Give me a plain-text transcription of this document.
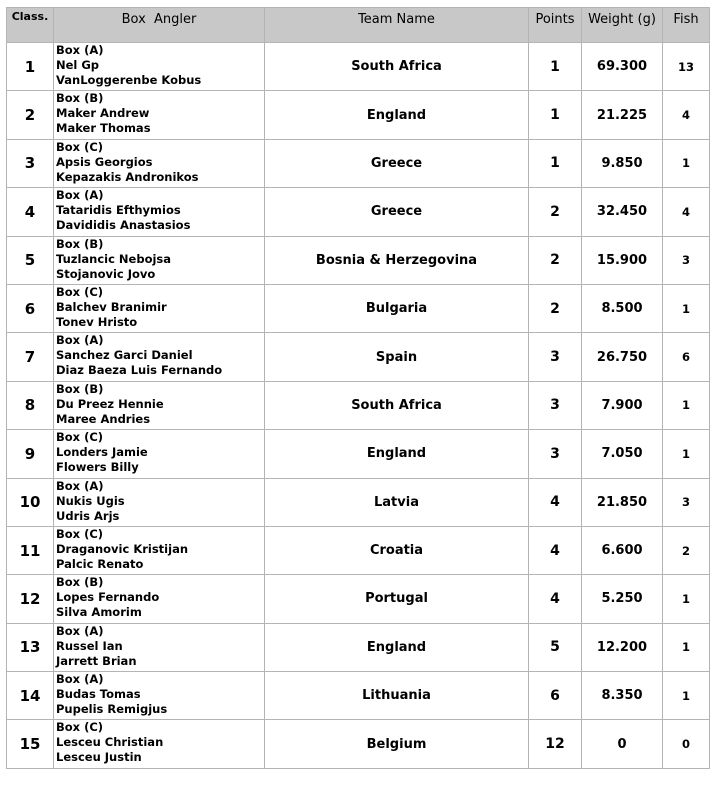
Class.	Box  Angler	Team Name	Points	Weight (g)	Fish
1	Box (A)
Nel Gp
VanLoggerenbe Kobus	South Africa	1	69.300	13
2	Box (B)
Maker Andrew
Maker Thomas	England	1	21.225	4
3	Box (C)
Apsis Georgios
Kepazakis Andronikos	Greece	1	9.850	1
4	Box (A)
Tataridis Efthymios
Davididis Anastasios	Greece	2	32.450	4
5	Box (B)
Tuzlancic Nebojsa
Stojanovic Jovo	Bosnia & Herzegovina	2	15.900	3
6	Box (C)
Balchev Branimir
Tonev Hristo	Bulgaria	2	8.500	1
7	Box (A)
Sanchez Garci Daniel
Diaz Baeza Luis Fernando	Spain	3	26.750	6
8	Box (B)
Du Preez Hennie
Maree Andries	South Africa	3	7.900	1
9	Box (C)
Londers Jamie
Flowers Billy	England	3	7.050	1
10	Box (A)
Nukis Ugis
Udris Arjs	Latvia	4	21.850	3
11	Box (C)
Draganovic Kristijan
Palcic Renato	Croatia	4	6.600	2
12	Box (B)
Lopes Fernando
Silva Amorim	Portugal	4	5.250	1
13	Box (A)
Russel Ian
Jarrett Brian	England	5	12.200	1
14	Box (A)
Budas Tomas
Pupelis Remigjus	Lithuania	6	8.350	1
15	Box (C)
Lesceu Christian
Lesceu Justin	Belgium	12	0	0
